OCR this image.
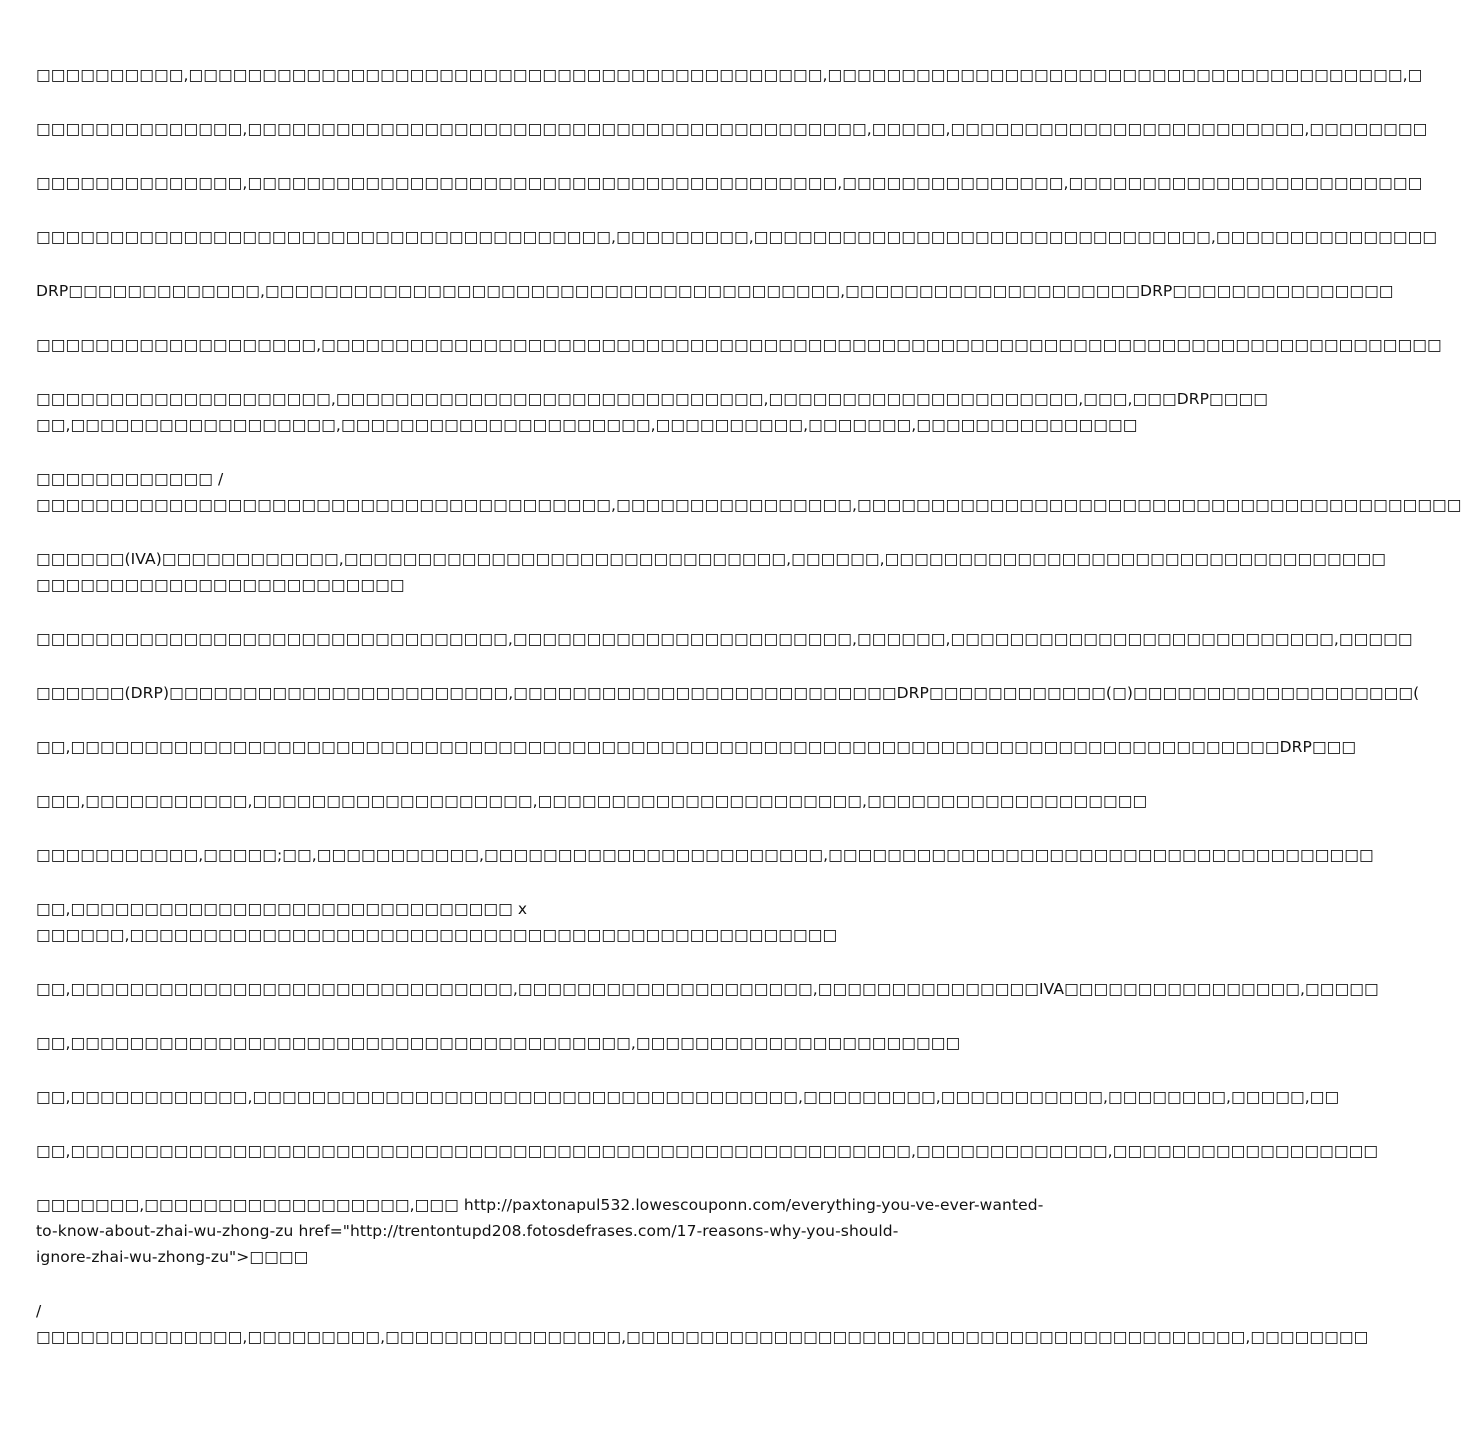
□□□□□□□□□□,□□□□□□□□□□□□□□□□□□□□□□□□□□□□□□□□□□□□□□□□□□□,□□□□□□□□□□□□□□□□□□□□□□□□□□□□□□□□□□□□□□□,□
□□□□□□□□□□□□□□,□□□□□□□□□□□□□□□□□□□□□□□□□□□□□□□□□□□□□□□□□□,□□□□□,□□□□□□□□□□□□□□□□□□□□□□□□,□□□□□□□□
□□□□□□□□□□□□□□,□□□□□□□□□□□□□□□□□□□□□□□□□□□□□□□□□□□□□□□□,□□□□□□□□□□□□□□□,□□□□□□□□□□□□□□□□□□□□□□□□
□□□□□□□□□□□□□□□□□□□□□□□□□□□□□□□□□□□□□□□,□□□□□□□□□,□□□□□□□□□□□□□□□□□□□□□□□□□□□□□□□,□□□□□□□□□□□□□□□
DRP□□□□□□□□□□□□□,□□□□□□□□□□□□□□□□□□□□□□□□□□□□□□□□□□□□□□□,□□□□□□□□□□□□□□□□□□□□DRP□□□□□□□□□□□□□□□
□□□□□□□□□□□□□□□□□□□,□□□□□□□□□□□□□□□□□□□□□□□□□□□□□□□□□□□□□□□□□□□□□□□□□□□□□□□□□□□□□□□□□□□□□□□□□□□□
□□□□□□□□□□□□□□□□□□□□,□□□□□□□□□□□□□□□□□□□□□□□□□□□□□,□□□□□□□□□□□□□□□□□□□□□,□□□,□□□DRP□□□□
□□,□□□□□□□□□□□□□□□□□□,□□□□□□□□□□□□□□□□□□□□□,□□□□□□□□□□,□□□□□□□,□□□□□□□□□□□□□□□
□□□□□□□□□□□□ /
□□□□□□□□□□□□□□□□□□□□□□□□□□□□□□□□□□□□□□□,□□□□□□□□□□□□□□□□,□□□□□□□□□□□□□□□□□□□□□□□□□□□□□□□□□□□□□□□□□
□□□□□□(IVA)□□□□□□□□□□□□,□□□□□□□□□□□□□□□□□□□□□□□□□□□□□□,□□□□□□,□□□□□□□□□□□□□□□□□□□□□□□□□□□□□□□□□□
□□□□□□□□□□□□□□□□□□□□□□□□□
□□□□□□□□□□□□□□□□□□□□□□□□□□□□□□□□,□□□□□□□□□□□□□□□□□□□□□□□,□□□□□□,□□□□□□□□□□□□□□□□□□□□□□□□□□,□□□□□
□□□□□□(DRP)□□□□□□□□□□□□□□□□□□□□□□□,□□□□□□□□□□□□□□□□□□□□□□□□□□DRP□□□□□□□□□□□□(□)□□□□□□□□□□□□□□□□□□□(
□□,□□□□□□□□□□□□□□□□□□□□□□□□□□□□□□□□□□□□□□□□□□□□□□□□□□□□□□□□□□□□□□□□□□□□□□□□□□□□□□□□□□DRP□□□
□□□,□□□□□□□□□□□,□□□□□□□□□□□□□□□□□□□,□□□□□□□□□□□□□□□□□□□□□□,□□□□□□□□□□□□□□□□□□□
□□□□□□□□□□□,□□□□□;□□,□□□□□□□□□□□,□□□□□□□□□□□□□□□□□□□□□□□,□□□□□□□□□□□□□□□□□□□□□□□□□□□□□□□□□□□□□
□□,□□□□□□□□□□□□□□□□□□□□□□□□□□□□□□ x
□□□□□□,□□□□□□□□□□□□□□□□□□□□□□□□□□□□□□□□□□□□□□□□□□□□□□□□
□□,□□□□□□□□□□□□□□□□□□□□□□□□□□□□□□,□□□□□□□□□□□□□□□□□□□□,□□□□□□□□□□□□□□□IVA□□□□□□□□□□□□□□□□,□□□□□
□□,□□□□□□□□□□□□□□□□□□□□□□□□□□□□□□□□□□□□□□,□□□□□□□□□□□□□□□□□□□□□□
□□,□□□□□□□□□□□□,□□□□□□□□□□□□□□□□□□□□□□□□□□□□□□□□□□□□□,□□□□□□□□□,□□□□□□□□□□□,□□□□□□□□,□□□□□,□□
□□,□□□□□□□□□□□□□□□□□□□□□□□□□□□□□□□□□□□□□□□□□□□□□□□□□□□□□□□□□,□□□□□□□□□□□□□,□□□□□□□□□□□□□□□□□□
□□□□□□□,□□□□□□□□□□□□□□□□□□,□□□ http://paxtonapul532.lowescouponn.com/everything-you-ve-ever-wanted-
to-know-about-zhai-wu-zhong-zu href="http://trentontupd208.fotosdefrases.com/17-reasons-why-you-should-
ignore-zhai-wu-zhong-zu">□□□□
/
□□□□□□□□□□□□□□,□□□□□□□□□,□□□□□□□□□□□□□□□□,□□□□□□□□□□□□□□□□□□□□□□□□□□□□□□□□□□□□□□□□□□,□□□□□□□□
